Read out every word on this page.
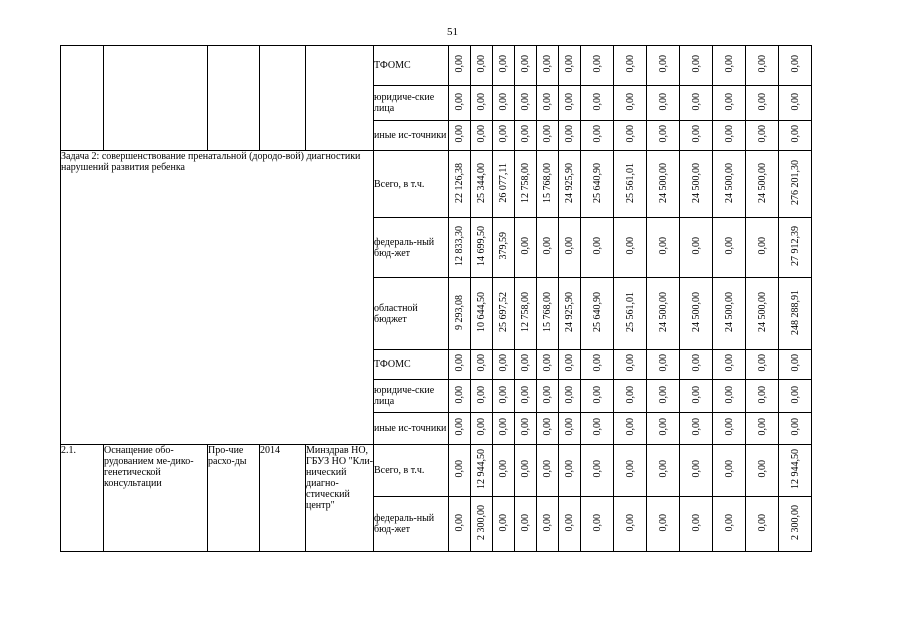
51
					ТФОМС	0,00	0,00	0,00	0,00	0,00	0,00	0,00	0,00	0,00	0,00	0,00	0,00	0,00
					юридиче-ские лица	0,00	0,00	0,00	0,00	0,00	0,00	0,00	0,00	0,00	0,00	0,00	0,00	0,00
					иные ис-точники	0,00	0,00	0,00	0,00	0,00	0,00	0,00	0,00	0,00	0,00	0,00	0,00	0,00
Задача 2: совершенствование пренатальной (дородо-вой) диагностики нарушений развития ребенка					Всего, в т.ч.	22 126,38	25 344,00	26 077,11	12 758,00	15 768,00	24 925,90	25 640,90	25 561,01	24 500,00	24 500,00	24 500,00	24 500,00	276 201,30
					федераль-ный бюд-жет	12 833,30	14 699,50	379,59	0,00	0,00	0,00	0,00	0,00	0,00	0,00	0,00	0,00	27 912,39
					областной бюджет	9 293,08	10 644,50	25 697,52	12 758,00	15 768,00	24 925,90	25 640,90	25 561,01	24 500,00	24 500,00	24 500,00	24 500,00	248 288,91
					ТФОМС	0,00	0,00	0,00	0,00	0,00	0,00	0,00	0,00	0,00	0,00	0,00	0,00	0,00
					юридиче-ские лица	0,00	0,00	0,00	0,00	0,00	0,00	0,00	0,00	0,00	0,00	0,00	0,00	0,00
					иные ис-точники	0,00	0,00	0,00	0,00	0,00	0,00	0,00	0,00	0,00	0,00	0,00	0,00	0,00
2.1.	Оснащение обо-рудованием ме-дико-генетической консультации	Про-чие расхо-ды	2014	Минздрав НО, ГБУЗ НО "Кли-нический диагно-стический центр"	Всего, в т.ч.	0,00	12 944,50	0,00	0,00	0,00	0,00	0,00	0,00	0,00	0,00	0,00	0,00	12 944,50
					федераль-ный бюд-жет	0,00	2 300,00	0,00	0,00	0,00	0,00	0,00	0,00	0,00	0,00	0,00	0,00	2 300,00
